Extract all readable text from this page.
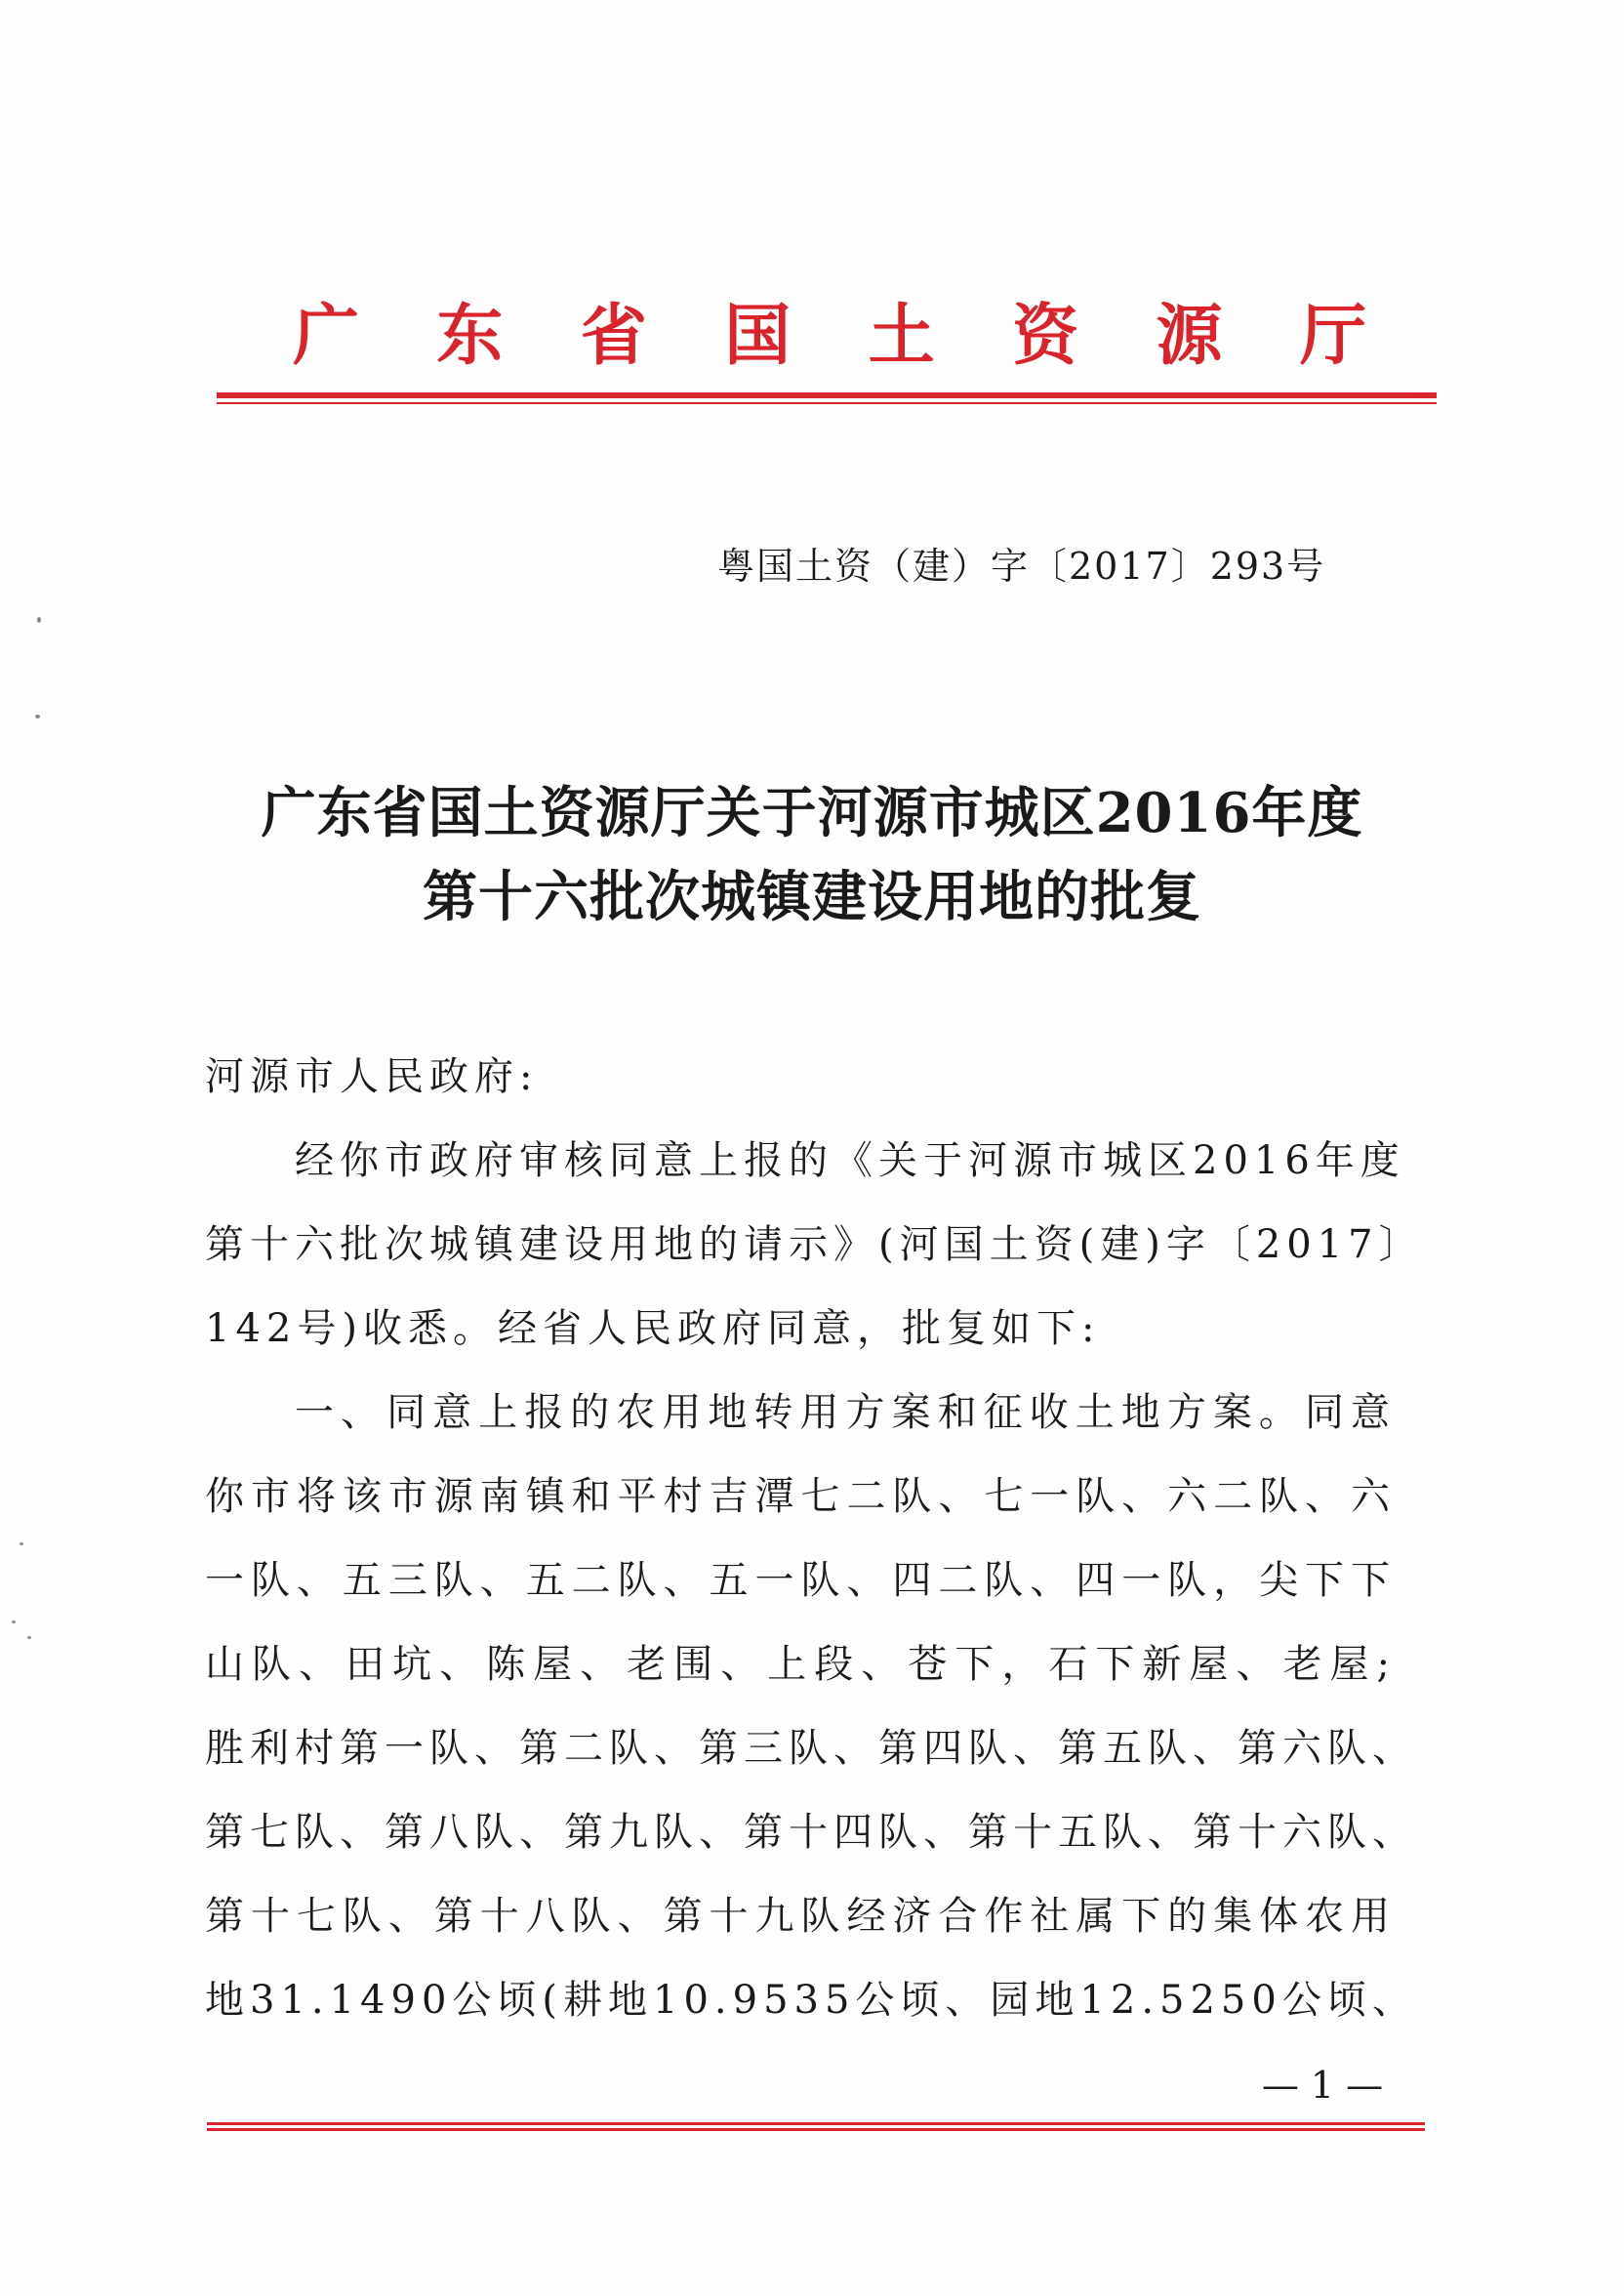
广 东 省 国 土 资 源 厅
粤国土资（建）字〔2017〕293号
广东省国土资源厅关于河源市城区2016年度
第十六批次城镇建设用地的批复

河源市人民政府:

经你市政府审核同意上报的《关于河源市城区2016年度
第十六批次城镇建设用地的请示》(河国土资(建)字〔2017〕
142号)收悉。经省人民政府同意，批复如下:

一、同意上报的农用地转用方案和征收土地方案。同意
你市将该市源南镇和平村吉潭七二队、七一队、六二队、六
一队、五三队、五二队、五一队、四二队、四一队，尖下下
山队、田坑、陈屋、老围、上段、苍下，石下新屋、老屋;
胜利村第一队、第二队、第三队、第四队、第五队、第六队、
第七队、第八队、第九队、第十四队、第十五队、第十六队、
第十七队、第十八队、第十九队经济合作社属下的集体农用
地31.1490公顷(耕地10.9535公顷、园地12.5250公顷、

— 1 —
